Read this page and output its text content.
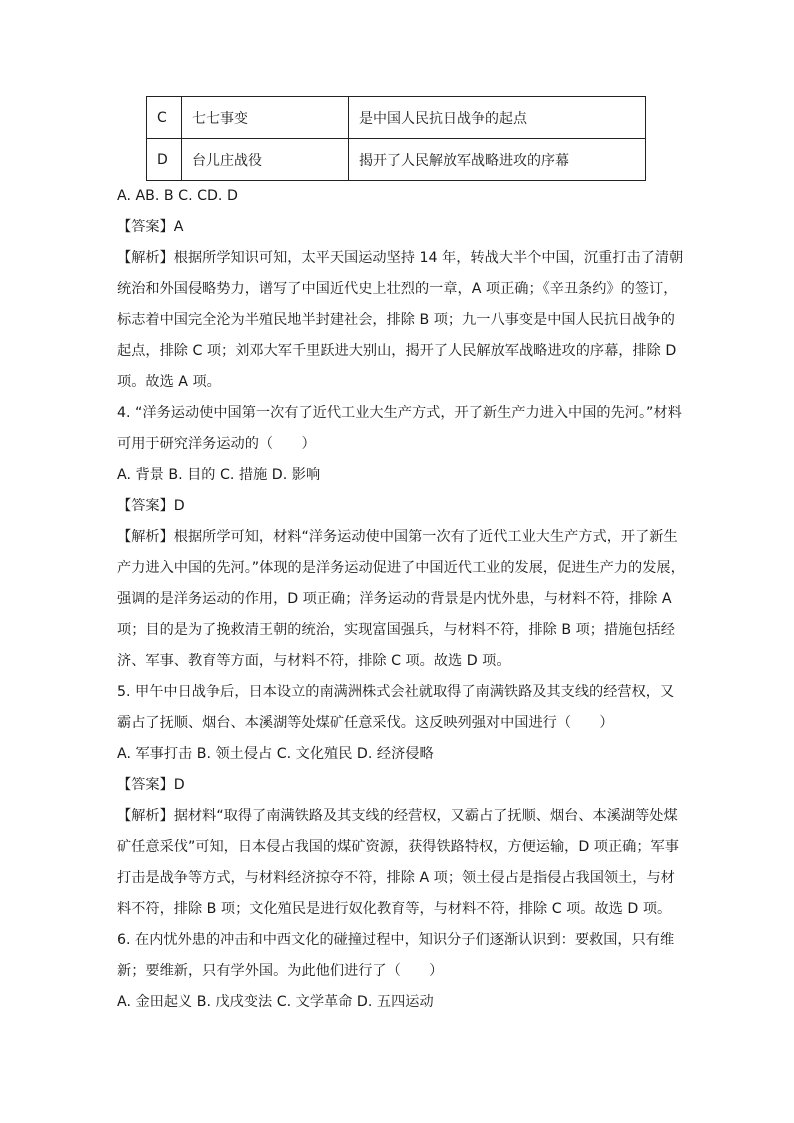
C	七七事变	是中国人民抗日战争的起点
D	台儿庄战役	揭开了人民解放军战略进攻的序幕
A. AB. B C. CD. D
【答案】A
【解析】根据所学知识可知，太平天国运动坚持 14 年，转战大半个中国，沉重打击了清朝
统治和外国侵略势力，谱写了中国近代史上壮烈的一章，A 项正确；《辛丑条约》的签订，
标志着中国完全沦为半殖民地半封建社会，排除 B 项；九一八事变是中国人民抗日战争的
起点，排除 C 项；刘邓大军千里跃进大别山，揭开了人民解放军战略进攻的序幕，排除 D
项。故选 A 项。
4. “洋务运动使中国第一次有了近代工业大生产方式，开了新生产力进入中国的先河。”材料
可用于研究洋务运动的（　　）
A. 背景 B. 目的 C. 措施 D. 影响
【答案】D
【解析】根据所学可知，材料“洋务运动使中国第一次有了近代工业大生产方式，开了新生
产力进入中国的先河。”体现的是洋务运动促进了中国近代工业的发展，促进生产力的发展，
强调的是洋务运动的作用，D 项正确；洋务运动的背景是内忧外患，与材料不符，排除 A
项；目的是为了挽救清王朝的统治，实现富国强兵，与材料不符，排除 B 项；措施包括经
济、军事、教育等方面，与材料不符，排除 C 项。故选 D 项。
5. 甲午中日战争后，日本设立的南满洲株式会社就取得了南满铁路及其支线的经营权，又
霸占了抚顺、烟台、本溪湖等处煤矿任意采伐。这反映列强对中国进行（　　）
A. 军事打击 B. 领土侵占 C. 文化殖民 D. 经济侵略
【答案】D
【解析】据材料“取得了南满铁路及其支线的经营权，又霸占了抚顺、烟台、本溪湖等处煤
矿任意采伐”可知，日本侵占我国的煤矿资源，获得铁路特权，方便运输，D 项正确；军事
打击是战争等方式，与材料经济掠夺不符，排除 A 项；领土侵占是指侵占我国领土，与材
料不符，排除 B 项；文化殖民是进行奴化教育等，与材料不符，排除 C 项。故选 D 项。
6. 在内忧外患的冲击和中西文化的碰撞过程中，知识分子们逐渐认识到：要救国，只有维
新；要维新，只有学外国。为此他们进行了（　　）
A. 金田起义 B. 戊戌变法 C. 文学革命 D. 五四运动
